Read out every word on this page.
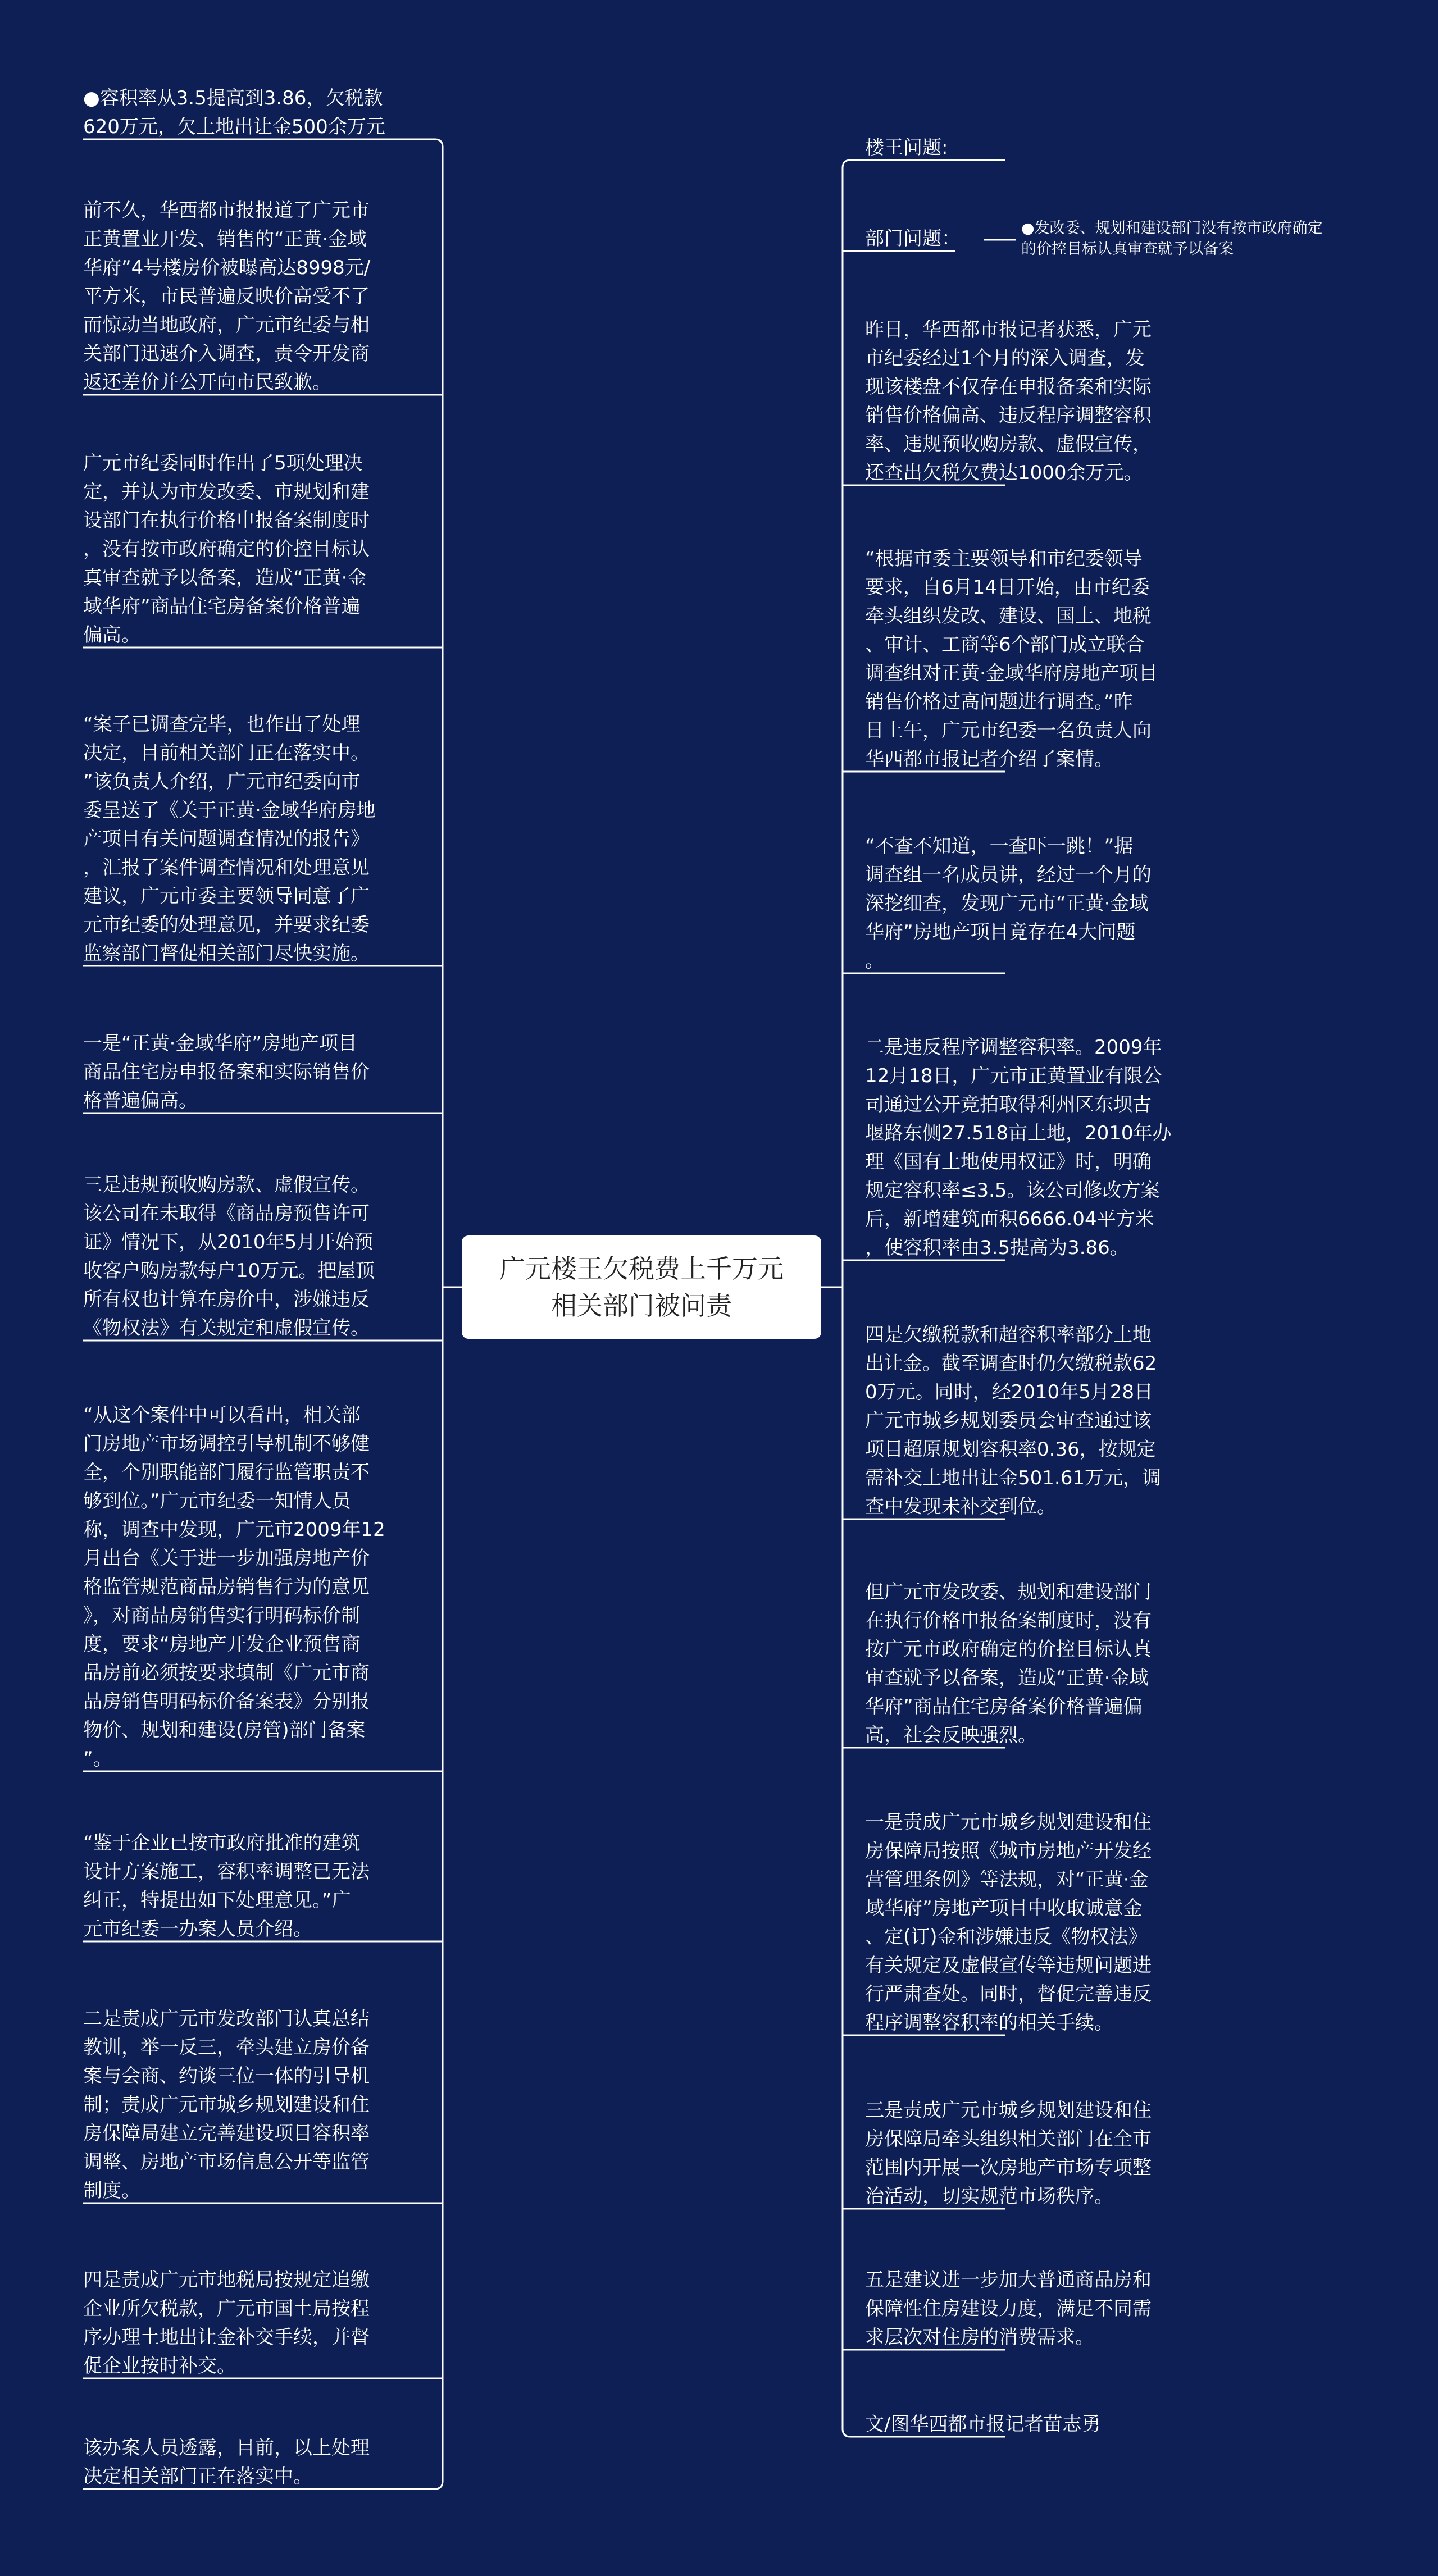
广元楼王欠税费上千万元
相关部门被问责
●容积率从3.5提高到3.86，欠税款
620万元，欠土地出让金500余万元
前不久，华西都市报报道了广元市
正黄置业开发、销售的“正黄·金域
华府”4号楼房价被曝高达8998元/
平方米，市民普遍反映价高受不了
而惊动当地政府，广元市纪委与相
关部门迅速介入调查，责令开发商
返还差价并公开向市民致歉。
广元市纪委同时作出了5项处理决
定，并认为市发改委、市规划和建
设部门在执行价格申报备案制度时
，没有按市政府确定的价控目标认
真审查就予以备案，造成“正黄·金
域华府”商品住宅房备案价格普遍
偏高。
“案子已调查完毕，也作出了处理
决定，目前相关部门正在落实中。
”该负责人介绍，广元市纪委向市
委呈送了《关于正黄·金域华府房地
产项目有关问题调查情况的报告》
，汇报了案件调查情况和处理意见
建议，广元市委主要领导同意了广
元市纪委的处理意见，并要求纪委
监察部门督促相关部门尽快实施。
一是“正黄·金域华府”房地产项目
商品住宅房申报备案和实际销售价
格普遍偏高。
三是违规预收购房款、虚假宣传。
该公司在未取得《商品房预售许可
证》情况下，从2010年5月开始预
收客户购房款每户10万元。把屋顶
所有权也计算在房价中，涉嫌违反
《物权法》有关规定和虚假宣传。
“从这个案件中可以看出，相关部
门房地产市场调控引导机制不够健
全，个别职能部门履行监管职责不
够到位。”广元市纪委一知情人员
称，调查中发现，广元市2009年12
月出台《关于进一步加强房地产价
格监管规范商品房销售行为的意见
》，对商品房销售实行明码标价制
度，要求“房地产开发企业预售商
品房前必须按要求填制《广元市商
品房销售明码标价备案表》分别报
物价、规划和建设(房管)部门备案
”。
“鉴于企业已按市政府批准的建筑
设计方案施工，容积率调整已无法
纠正，特提出如下处理意见。”广
元市纪委一办案人员介绍。
二是责成广元市发改部门认真总结
教训，举一反三，牵头建立房价备
案与会商、约谈三位一体的引导机
制；责成广元市城乡规划建设和住
房保障局建立完善建设项目容积率
调整、房地产市场信息公开等监管
制度。
四是责成广元市地税局按规定追缴
企业所欠税款，广元市国土局按程
序办理土地出让金补交手续，并督
促企业按时补交。
该办案人员透露，目前，以上处理
决定相关部门正在落实中。
楼王问题:
部门问题：	●发改委、规划和建设部门没有按市政府确定
的价控目标认真审查就予以备案
昨日，华西都市报记者获悉，广元
市纪委经过1个月的深入调查，发
现该楼盘不仅存在申报备案和实际
销售价格偏高、违反程序调整容积
率、违规预收购房款、虚假宣传，
还查出欠税欠费达1000余万元。
“根据市委主要领导和市纪委领导
要求，自6月14日开始，由市纪委
牵头组织发改、建设、国土、地税
、审计、工商等6个部门成立联合
调查组对正黄·金域华府房地产项目
销售价格过高问题进行调查。”昨
日上午，广元市纪委一名负责人向
华西都市报记者介绍了案情。
“不查不知道，一查吓一跳！”据
调查组一名成员讲，经过一个月的
深挖细查，发现广元市“正黄·金域
华府”房地产项目竟存在4大问题
。
二是违反程序调整容积率。2009年
12月18日，广元市正黄置业有限公
司通过公开竞拍取得利州区东坝古
堰路东侧27.518亩土地，2010年办
理《国有土地使用权证》时，明确
规定容积率≤3.5。该公司修改方案
后，新增建筑面积6666.04平方米
，使容积率由3.5提高为3.86。
四是欠缴税款和超容积率部分土地
出让金。截至调查时仍欠缴税款62
0万元。同时，经2010年5月28日
广元市城乡规划委员会审查通过该
项目超原规划容积率0.36，按规定
需补交土地出让金501.61万元，调
查中发现未补交到位。
但广元市发改委、规划和建设部门
在执行价格申报备案制度时，没有
按广元市政府确定的价控目标认真
审查就予以备案，造成“正黄·金域
华府”商品住宅房备案价格普遍偏
高，社会反映强烈。
一是责成广元市城乡规划建设和住
房保障局按照《城市房地产开发经
营管理条例》等法规，对“正黄·金
域华府”房地产项目中收取诚意金
、定(订)金和涉嫌违反《物权法》
有关规定及虚假宣传等违规问题进
行严肃查处。同时，督促完善违反
程序调整容积率的相关手续。
三是责成广元市城乡规划建设和住
房保障局牵头组织相关部门在全市
范围内开展一次房地产市场专项整
治活动，切实规范市场秩序。
五是建议进一步加大普通商品房和
保障性住房建设力度，满足不同需
求层次对住房的消费需求。
文/图华西都市报记者苗志勇
